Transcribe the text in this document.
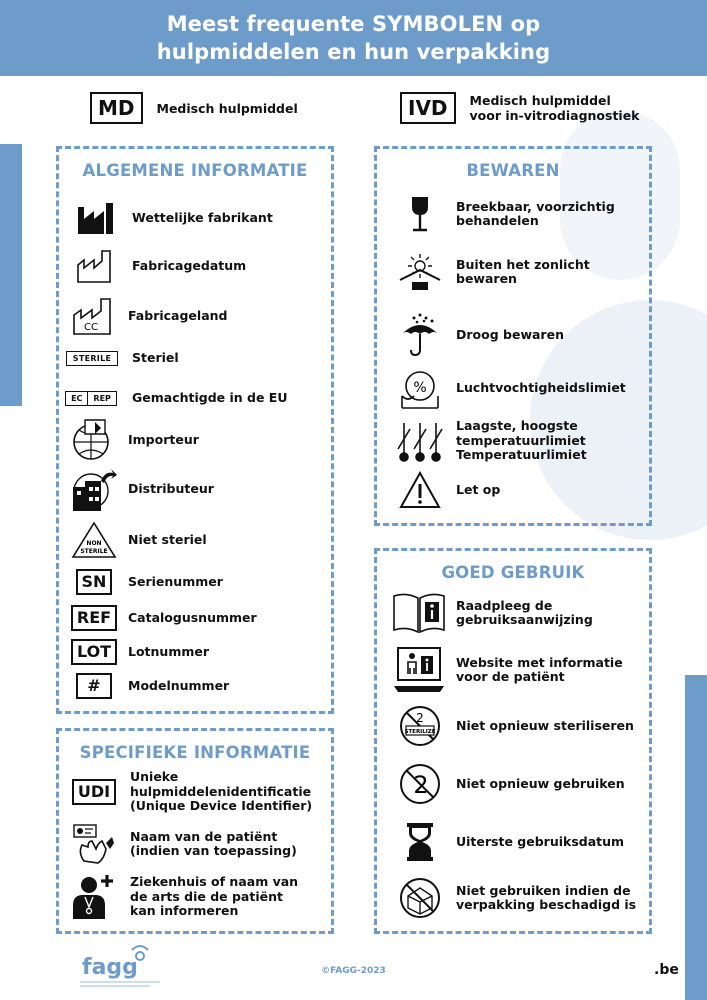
Meest frequente SYMBOLEN op
hulpmiddelen en hun verpakking
MD	Medisch hulpmiddel	IVD	Medisch hulpmiddel
voor in-vitrodiagnostiek
ALGEMENE INFORMATIE
Wettelijke fabrikant
Fabricagedatum
CC
Fabricageland
STERILE	Steriel
EC	REP	Gemachtigde in de EU
Importeur
Distributeur
NON
STERILE
Niet steriel
SN	Serienummer
REF	Catalogusnummer
LOT	Lotnummer
#	Modelnummer
SPECIFIEKE INFORMATIE
UDI
Unieke
hulpmiddelenidentificatie
(Unique Device Identifier)
Naam van de patiënt
(indien van toepassing)
Ziekenhuis of naam van
de arts die de patiënt
kan informeren
BEWAREN
Breekbaar, voorzichtig
behandelen
Buiten het zonlicht
bewaren
Droog bewaren
% Luchtvochtigheidslimiet
Laagste, hoogste
temperatuurlimiet
Temperatuurlimiet
Let op
GOED GEBRUIK
Raadpleeg de
gebruiksaanwijzing
Website met informatie
voor de patiënt
2
STERILIZE Niet opnieuw steriliseren
2 Niet opnieuw gebruiken
Uiterste gebruiksdatum
Niet gebruiken indien de
verpakking beschadigd is
fagg	©FAGG-2023	.be
